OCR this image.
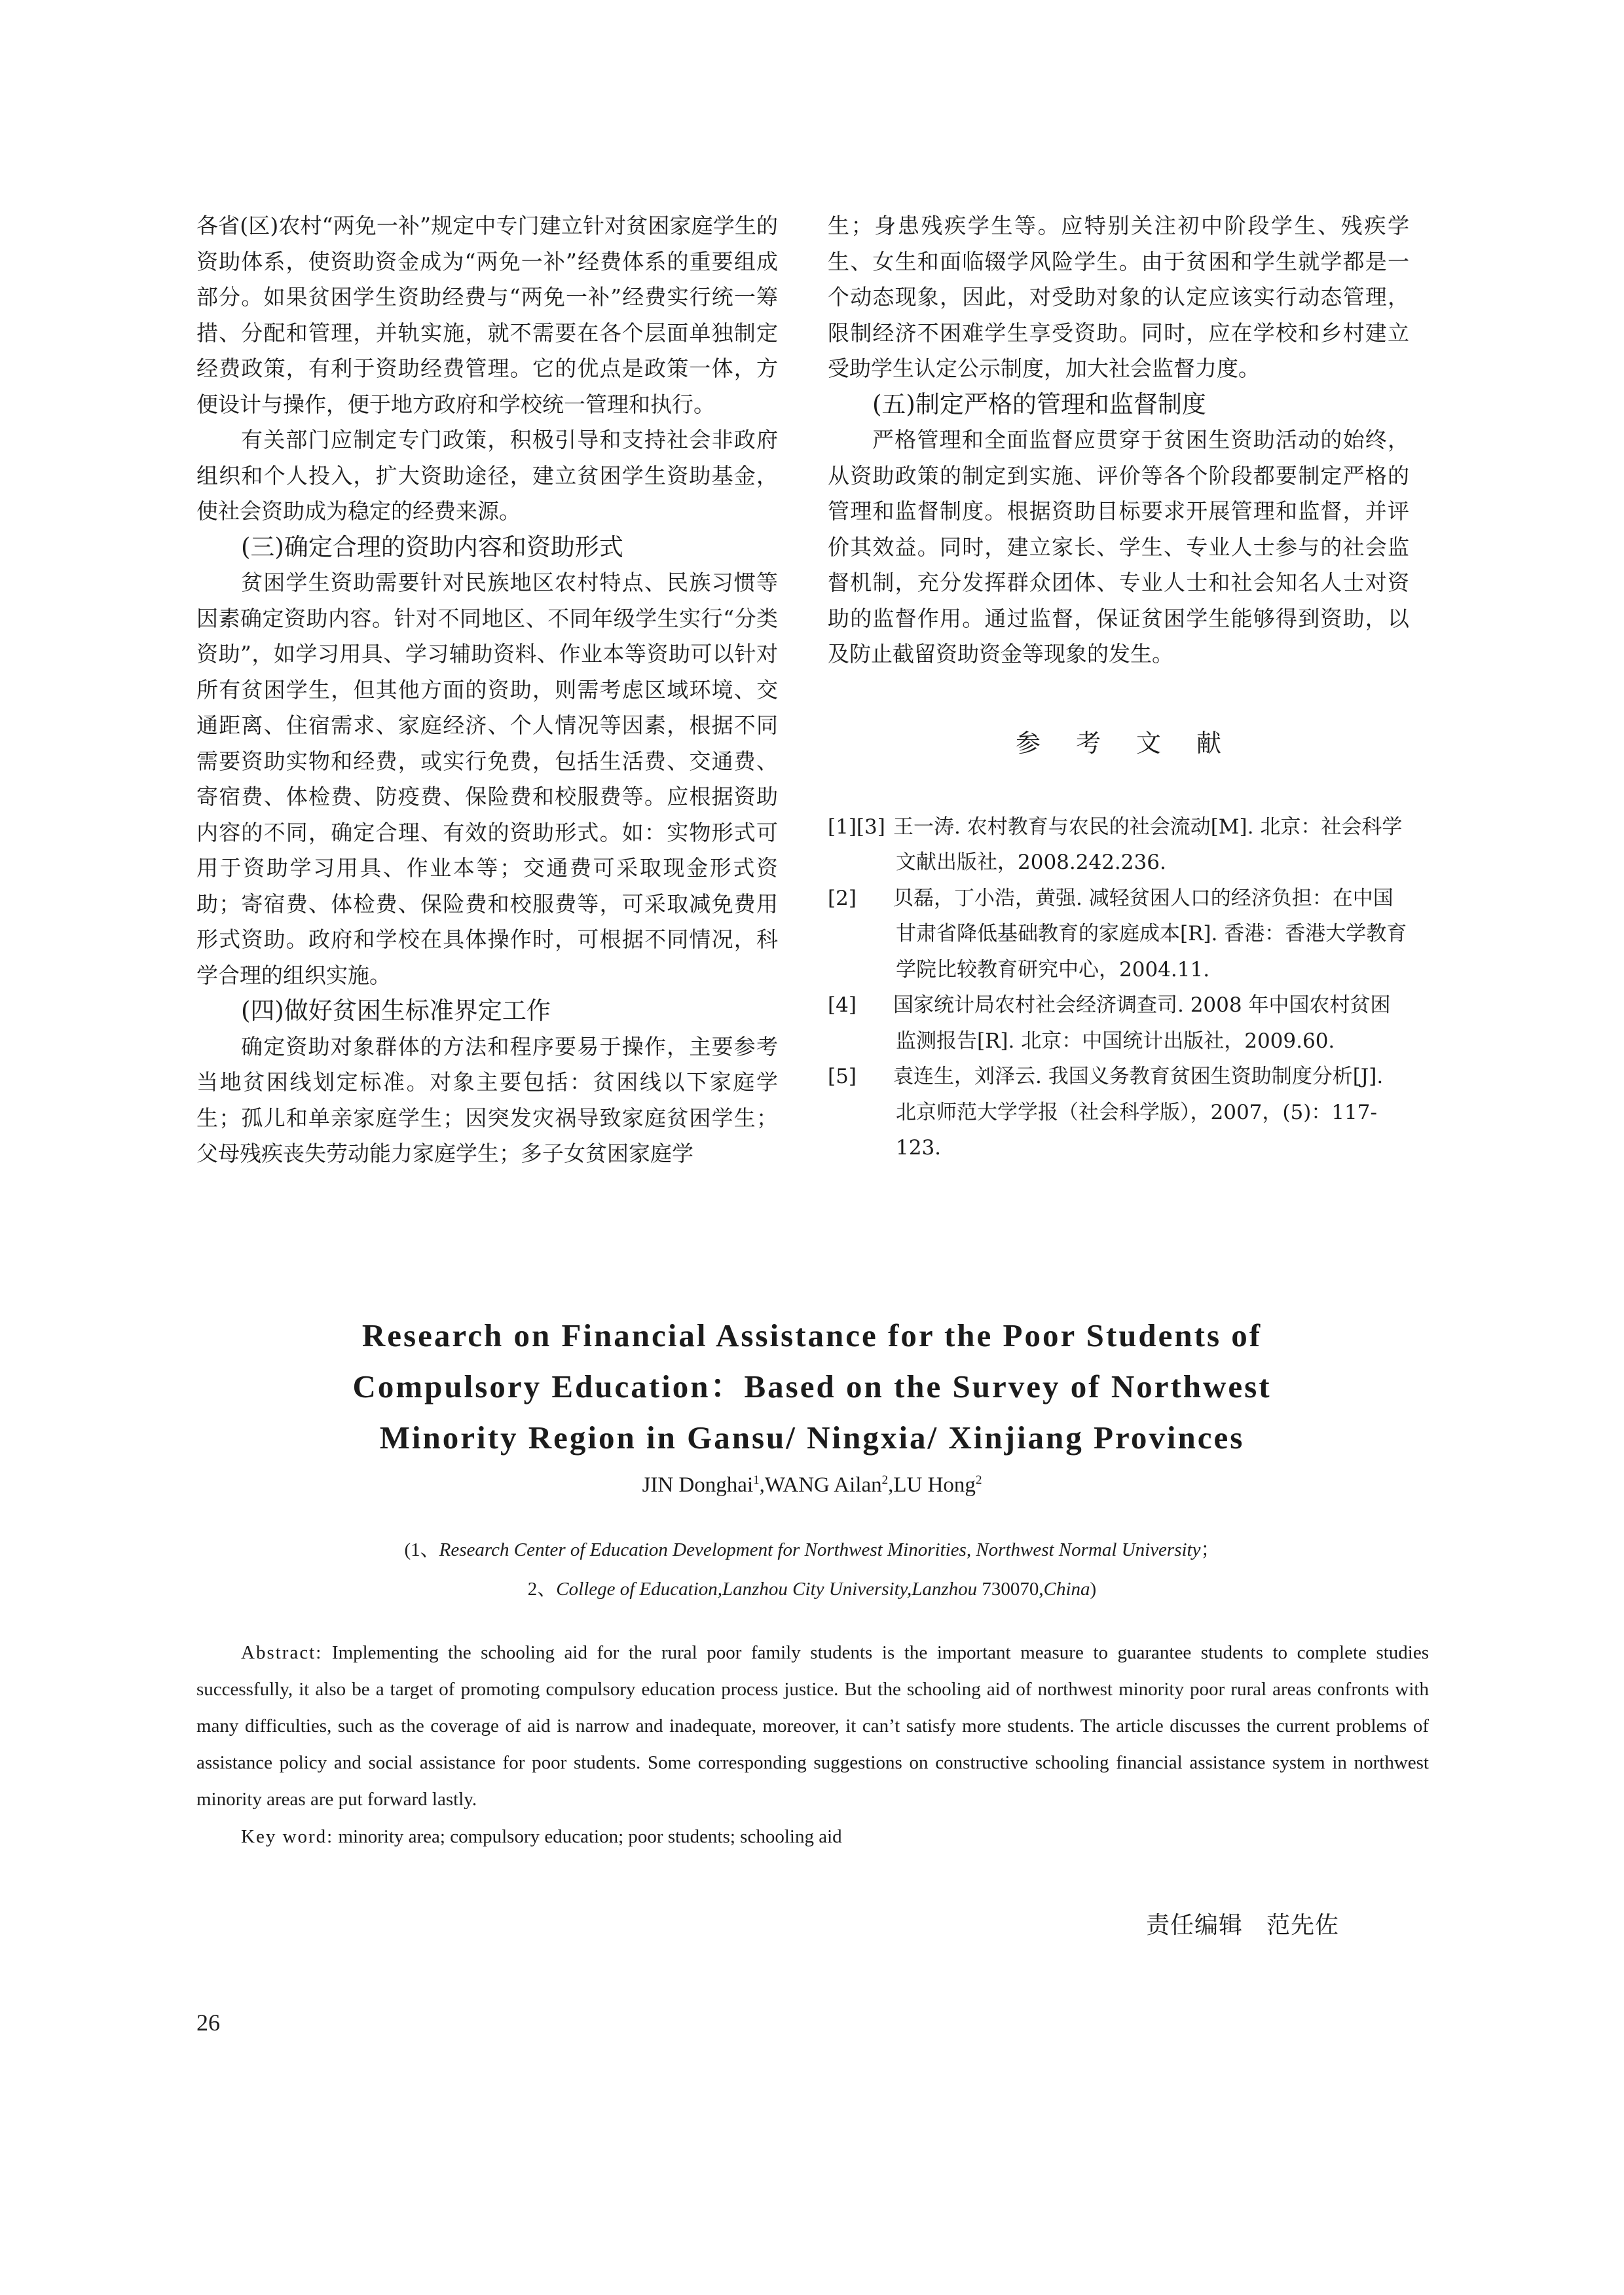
各省(区)农村“两免一补”规定中专门建立针对贫困家庭学生的资助体系，使资助资金成为“两免一补”经费体系的重要组成部分。如果贫困学生资助经费与“两免一补”经费实行统一筹措、分配和管理，并轨实施，就不需要在各个层面单独制定经费政策，有利于资助经费管理。它的优点是政策一体，方便设计与操作，便于地方政府和学校统一管理和执行。

有关部门应制定专门政策，积极引导和支持社会非政府组织和个人投入，扩大资助途径，建立贫困学生资助基金，使社会资助成为稳定的经费来源。

(三)确定合理的资助内容和资助形式

贫困学生资助需要针对民族地区农村特点、民族习惯等因素确定资助内容。针对不同地区、不同年级学生实行“分类资助”，如学习用具、学习辅助资料、作业本等资助可以针对所有贫困学生，但其他方面的资助，则需考虑区域环境、交通距离、住宿需求、家庭经济、个人情况等因素，根据不同需要资助实物和经费，或实行免费，包括生活费、交通费、寄宿费、体检费、防疫费、保险费和校服费等。应根据资助内容的不同，确定合理、有效的资助形式。如：实物形式可用于资助学习用具、作业本等；交通费可采取现金形式资助；寄宿费、体检费、保险费和校服费等，可采取减免费用形式资助。政府和学校在具体操作时，可根据不同情况，科学合理的组织实施。

(四)做好贫困生标准界定工作

确定资助对象群体的方法和程序要易于操作，主要参考当地贫困线划定标准。对象主要包括：贫困线以下家庭学生；孤儿和单亲家庭学生；因突发灾祸导致家庭贫困学生；父母残疾丧失劳动能力家庭学生；多子女贫困家庭学

生；身患残疾学生等。应特别关注初中阶段学生、残疾学生、女生和面临辍学风险学生。由于贫困和学生就学都是一个动态现象，因此，对受助对象的认定应该实行动态管理，限制经济不困难学生享受资助。同时，应在学校和乡村建立受助学生认定公示制度，加大社会监督力度。

(五)制定严格的管理和监督制度

严格管理和全面监督应贯穿于贫困生资助活动的始终，从资助政策的制定到实施、评价等各个阶段都要制定严格的管理和监督制度。根据资助目标要求开展管理和监督，并评价其效益。同时，建立家长、学生、专业人士参与的社会监督机制，充分发挥群众团体、专业人士和社会知名人士对资助的监督作用。通过监督，保证贫困学生能够得到资助，以及防止截留资助资金等现象的发生。

参考文献

[1][3] 王一涛. 农村教育与农民的社会流动[M]. 北京：社会科学文献出版社，2008.242.236.

[2] 贝磊，丁小浩，黄强. 减轻贫困人口的经济负担：在中国甘肃省降低基础教育的家庭成本[R]. 香港：香港大学教育学院比较教育研究中心，2004.11.

[4] 国家统计局农村社会经济调查司. 2008 年中国农村贫困监测报告[R]. 北京：中国统计出版社，2009.60.

[5] 袁连生，刘泽云. 我国义务教育贫困生资助制度分析[J]. 北京师范大学学报（社会科学版），2007，(5)：117- 123.

Research on Financial Assistance for the Poor Students of
Compulsory Education：Based on the Survey of Northwest
Minority Region in Gansu/ Ningxia/ Xinjiang Provinces

JIN Donghai$^1$,WANG Ailan$^2$,LU Hong$^2$

(1、Research Center of Education Development for Northwest Minorities, Northwest Normal University；

2、College of Education,Lanzhou City University,Lanzhou 730070,China)

Abstract: Implementing the schooling aid for the rural poor family students is the important measure to guarantee students to complete studies successfully, it also be a target of promoting compulsory education process justice. But the schooling aid of northwest minority poor rural areas confronts with many difficulties, such as the coverage of aid is narrow and inadequate, moreover, it can’t satisfy more students. The article discusses the current problems of assistance policy and social assistance for poor students. Some corresponding suggestions on constructive schooling financial assistance system in northwest minority areas are put forward lastly.

Key word: minority area; compulsory education; poor students; schooling aid

责任编辑 范先佐

26
